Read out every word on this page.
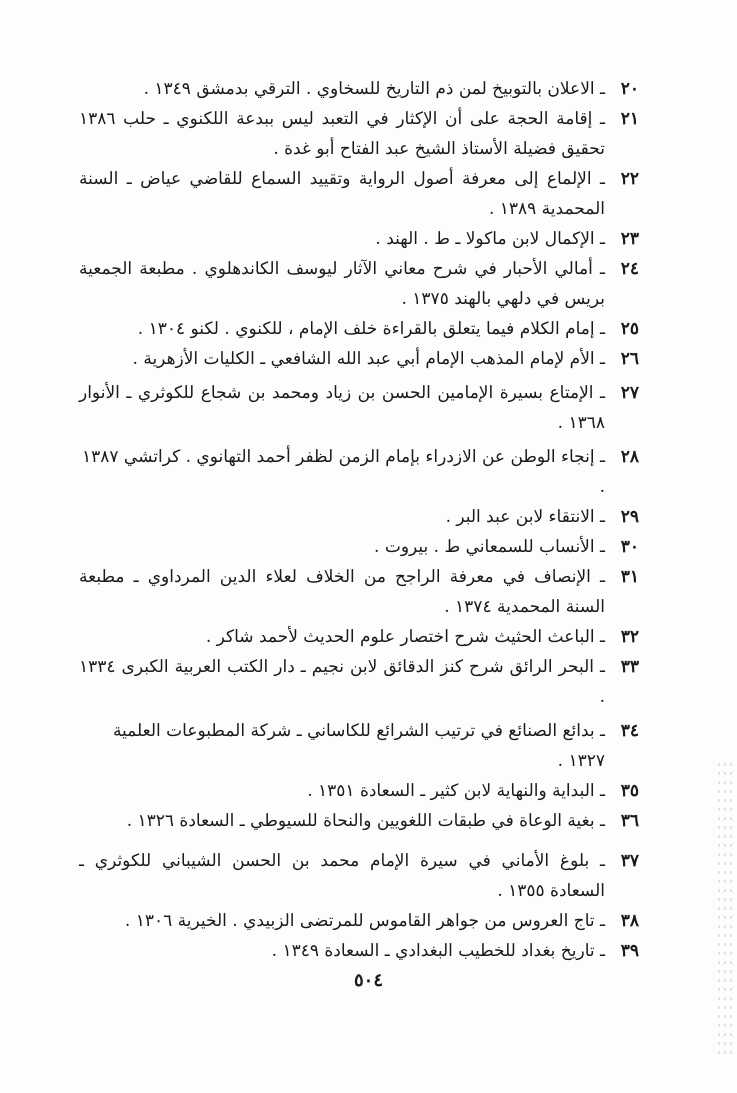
٢٠
ـ الاعلان بالتوبيخ لمن ذم التاريخ للسخاوي . الترقي بدمشق ١٣٤٩ .
٢١
ـ إقامة الحجة على أن الإكثار في التعبد ليس ببدعة اللكنوي ـ حلب ١٣٨٦ تحقيق فضيلة الأستاذ الشيخ عبد الفتاح أبو غدة .
٢٢
ـ الإلماع إلى معرفة أصول الرواية وتقييد السماع للقاضي عياض ـ السنة المحمدية ١٣٨٩ .
٢٣
ـ الإكمال لابن ماكولا ـ ط . الهند .
٢٤
ـ أمالي الأحبار في شرح معاني الآثار ليوسف الكاندهلوي . مطبعة الجمعية بريس في دلهي بالهند ١٣٧٥ .
٢٥
ـ إمام الكلام فيما يتعلق بالقراءة خلف الإمام ، للكنوي . لكنو ١٣٠٤ .
٢٦
ـ الأم لإمام المذهب الإمام أبي عبد الله الشافعي ـ الكليات الأزهرية .
٢٧
ـ الإمتاع بسيرة الإمامين الحسن بن زياد ومحمد بن شجاع للكوثري ـ الأنوار ١٣٦٨ .
٢٨
ـ إنجاء الوطن عن الازدراء بإمام الزمن لظفر أحمد التهانوي . كراتشي ١٣٨٧ .
٢٩
ـ الانتقاء لابن عبد البر .
٣٠
ـ الأنساب للسمعاني ط . بيروت .
٣١
ـ الإنصاف في معرفة الراجح من الخلاف لعلاء الدين المرداوي ـ مطبعة السنة المحمدية ١٣٧٤ .
٣٢
ـ الباعث الحثيث شرح اختصار علوم الحديث لأحمد شاكر .
٣٣
ـ البحر الرائق شرح كنز الدقائق لابن نجيم ـ دار الكتب العربية الكبرى ١٣٣٤ .
٣٤
ـ بدائع الصنائع في ترتيب الشرائع للكاساني ـ شركة المطبوعات العلمية ١٣٢٧ .
٣٥
ـ البداية والنهاية لابن كثير ـ السعادة ١٣٥١ .
٣٦
ـ بغية الوعاة في طبقات اللغويين والنحاة للسيوطي ـ السعادة ١٣٢٦ .
٣٧
ـ بلوغ الأماني في سيرة الإمام محمد بن الحسن الشيباني للكوثري ـ السعادة ١٣٥٥ .
٣٨
ـ تاج العروس من جواهر القاموس للمرتضى الزبيدي . الخيرية ١٣٠٦ .
٣٩
ـ تاريخ بغداد للخطيب البغدادي ـ السعادة ١٣٤٩ .
٥٠٤
